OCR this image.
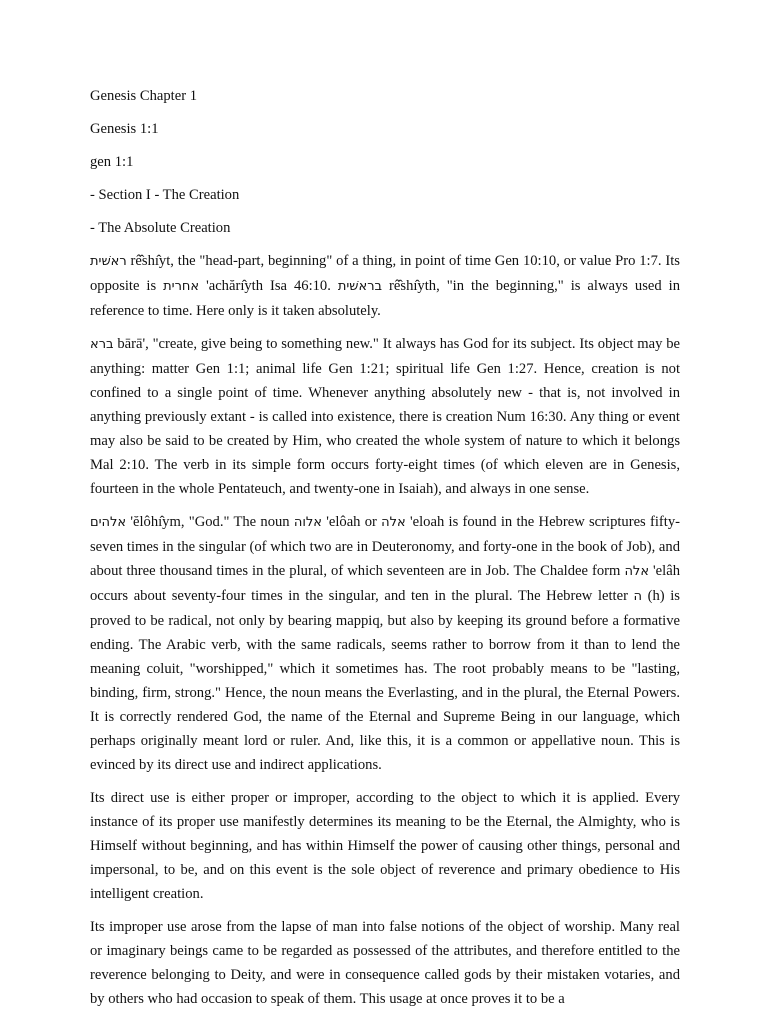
Genesis Chapter 1

Genesis 1:1

gen 1:1

- Section I - The Creation

- The Absolute Creation

ראשׁית rê̂shı̂yt, the "head-part, beginning" of a thing, in point of time Gen 10:10, or value Pro 1:7. Its opposite is אחרית 'achărı̂yth Isa 46:10. בראשׁית rê̂shı̂yth, "in the beginning," is always used in reference to time. Here only is it taken absolutely.

ברא bārā', "create, give being to something new." It always has God for its subject. Its object may be anything: matter Gen 1:1; animal life Gen 1:21; spiritual life Gen 1:27. Hence, creation is not confined to a single point of time. Whenever anything absolutely new - that is, not involved in anything previously extant - is called into existence, there is creation Num 16:30. Any thing or event may also be said to be created by Him, who created the whole system of nature to which it belongs Mal 2:10. The verb in its simple form occurs forty-eight times (of which eleven are in Genesis, fourteen in the whole Pentateuch, and twenty-one in Isaiah), and always in one sense.

אלהים 'ĕlôhı̂ym, "God." The noun אלוה 'elôah or אלה 'eloah is found in the Hebrew scriptures fifty-seven times in the singular (of which two are in Deuteronomy, and forty-one in the book of Job), and about three thousand times in the plural, of which seventeen are in Job. The Chaldee form אלה 'elâh occurs about seventy-four times in the singular, and ten in the plural. The Hebrew letter ה (h) is proved to be radical, not only by bearing mappiq, but also by keeping its ground before a formative ending. The Arabic verb, with the same radicals, seems rather to borrow from it than to lend the meaning coluit, "worshipped," which it sometimes has. The root probably means to be "lasting, binding, firm, strong." Hence, the noun means the Everlasting, and in the plural, the Eternal Powers. It is correctly rendered God, the name of the Eternal and Supreme Being in our language, which perhaps originally meant lord or ruler. And, like this, it is a common or appellative noun. This is evinced by its direct use and indirect applications.

Its direct use is either proper or improper, according to the object to which it is applied. Every instance of its proper use manifestly determines its meaning to be the Eternal, the Almighty, who is Himself without beginning, and has within Himself the power of causing other things, personal and impersonal, to be, and on this event is the sole object of reverence and primary obedience to His intelligent creation.

Its improper use arose from the lapse of man into false notions of the object of worship. Many real or imaginary beings came to be regarded as possessed of the attributes, and therefore entitled to the reverence belonging to Deity, and were in consequence called gods by their mistaken votaries, and by others who had occasion to speak of them. This usage at once proves it to be a
